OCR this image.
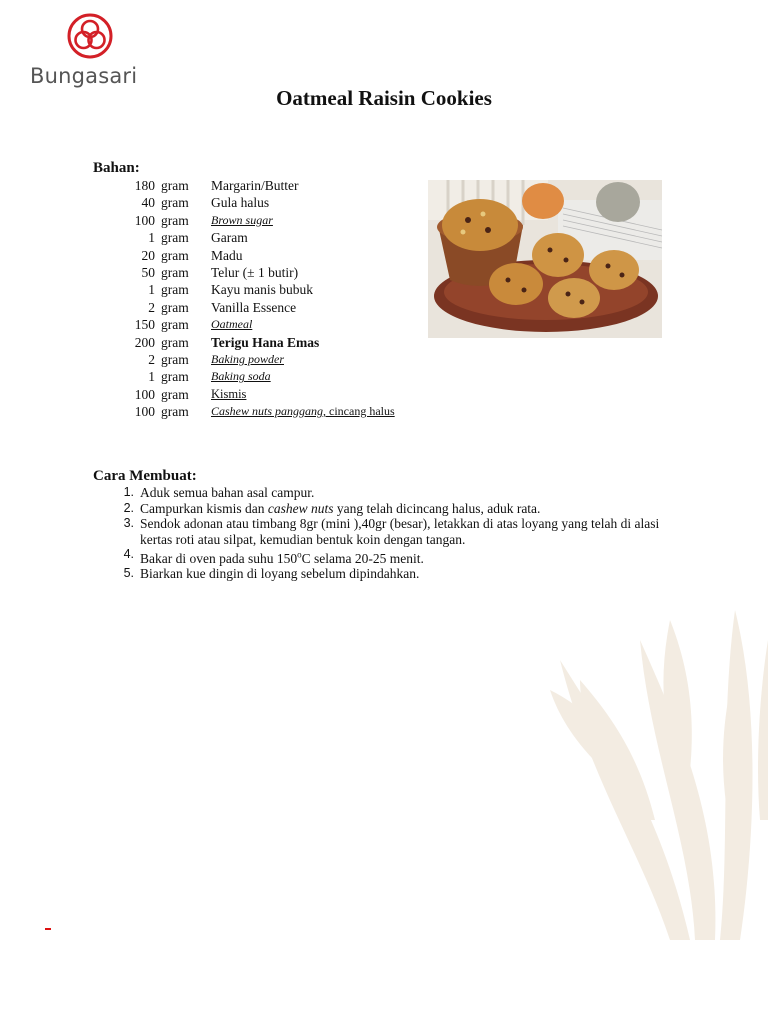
Bungasari
Oatmeal Raisin Cookies
Bahan:
180 gram Margarin/Butter
40 gram Gula halus
100 gram Brown sugar
1 gram Garam
20 gram Madu
50 gram Telur (± 1 butir)
1 gram Kayu manis bubuk
2 gram Vanilla Essence
150 gram Oatmeal
200 gram Terigu Hana Emas
2 gram Baking powder
1 gram Baking soda
100 gram Kismis
100 gram Cashew nuts panggang, cincang halus
Cara Membuat:
1. Aduk semua bahan asal campur.
2. Campurkan kismis dan cashew nuts yang telah dicincang halus, aduk rata.
3. Sendok adonan atau timbang 8gr (mini ),40gr (besar), letakkan di atas loyang yang telah di alasi kertas roti atau silpat, kemudian bentuk koin dengan tangan.
4. Bakar di oven pada suhu 150$^o$C selama 20-25 menit.
5. Biarkan kue dingin di loyang sebelum dipindahkan.
